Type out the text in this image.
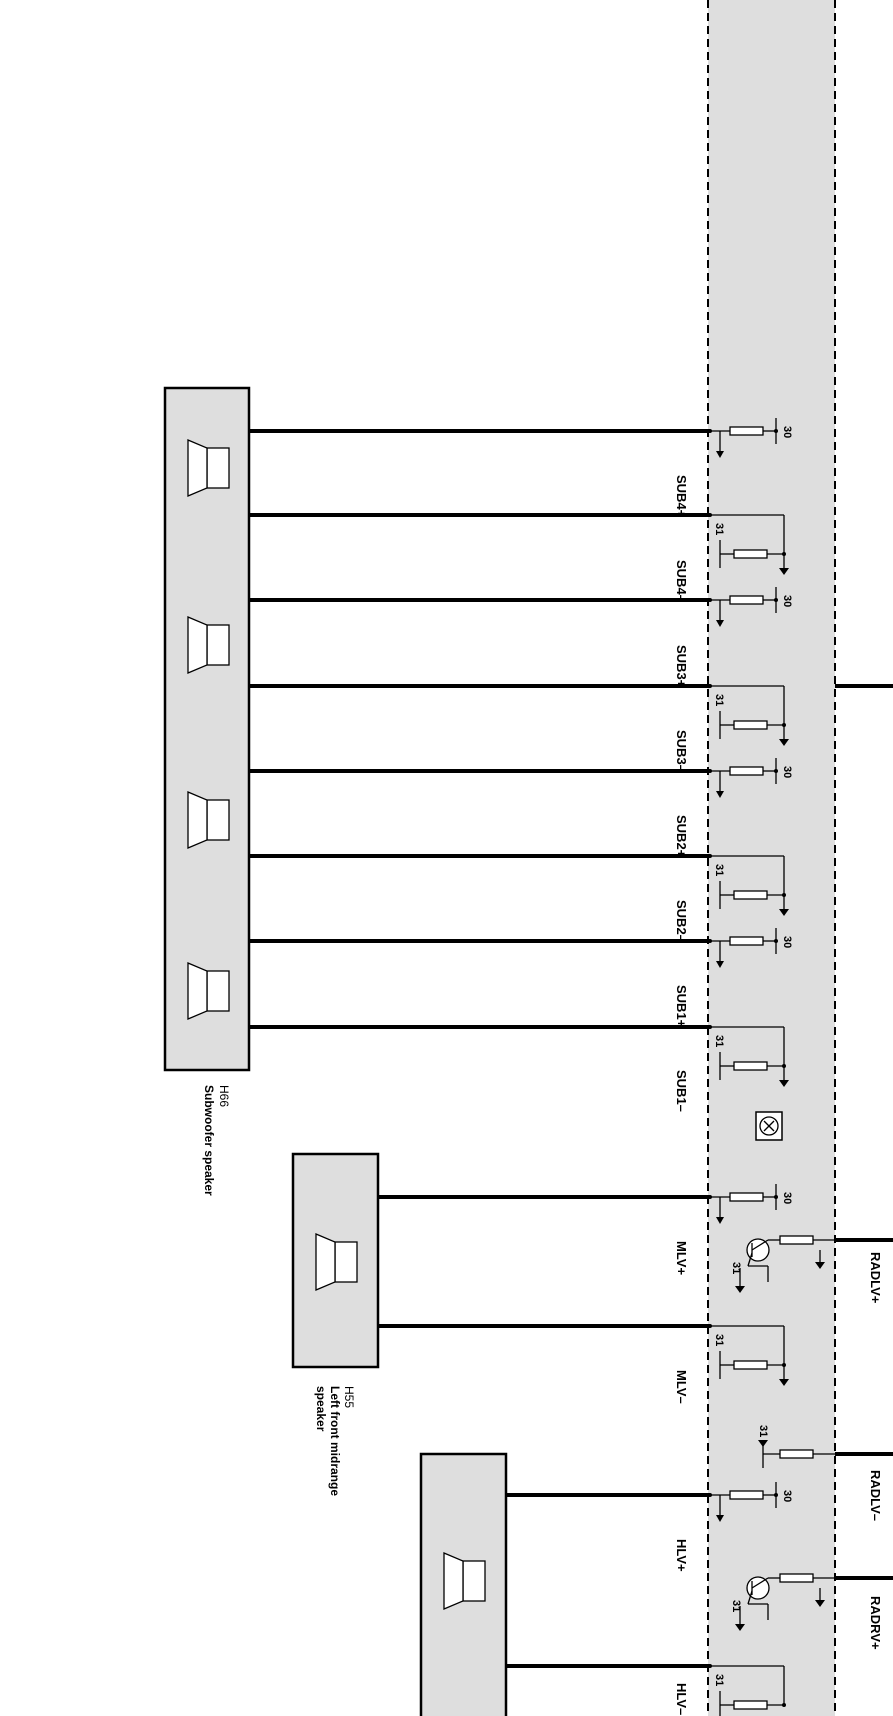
30
31
30
31
30
31
30
31
30
31
30
31
31
31
31
SUB4+
SUB4–
SUB3+
SUB3–
SUB2+
SUB2–
SUB1+
SUB1–
MLV+
MLV–
HLV+
HLV–
RADLV+
RADLV–
RADRV+
H66
Subwoofer speaker
H55
Left front midrange
speaker
